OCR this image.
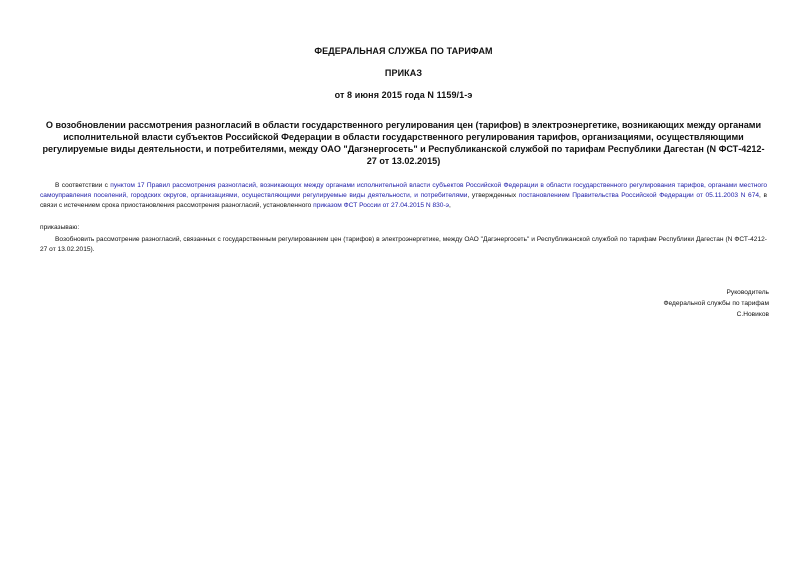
ФЕДЕРАЛЬНАЯ СЛУЖБА ПО ТАРИФАМ
ПРИКАЗ
от 8 июня 2015 года N 1159/1-э
О возобновлении рассмотрения разногласий в области государственного регулирования цен (тарифов) в электроэнергетике, возникающих между органами исполнительной власти субъектов Российской Федерации в области государственного регулирования тарифов, организациями, осуществляющими регулируемые виды деятельности, и потребителями, между ОАО "Дагэнергосеть" и Республиканской службой по тарифам Республики Дагестан (N ФСТ-4212-27 от 13.02.2015)
В соответствии с пунктом 17 Правил рассмотрения разногласий, возникающих между органами исполнительной власти субъектов Российской Федерации в области государственного регулирования тарифов, органами местного самоуправления поселений, городских округов, организациями, осуществляющими регулируемые виды деятельности, и потребителями, утвержденных постановлением Правительства Российской Федерации от 05.11.2003 N 674, в связи с истечением срока приостановления рассмотрения разногласий, установленного приказом ФСТ России от 27.04.2015 N 830-э,
приказываю:
Возобновить рассмотрение разногласий, связанных с государственным регулированием цен (тарифов) в электроэнергетике, между ОАО "Дагэнергосеть" и Республиканской службой по тарифам Республики Дагестан (N ФСТ-4212-27 от 13.02.2015).
Руководитель
Федеральной службы по тарифам
С.Новиков
